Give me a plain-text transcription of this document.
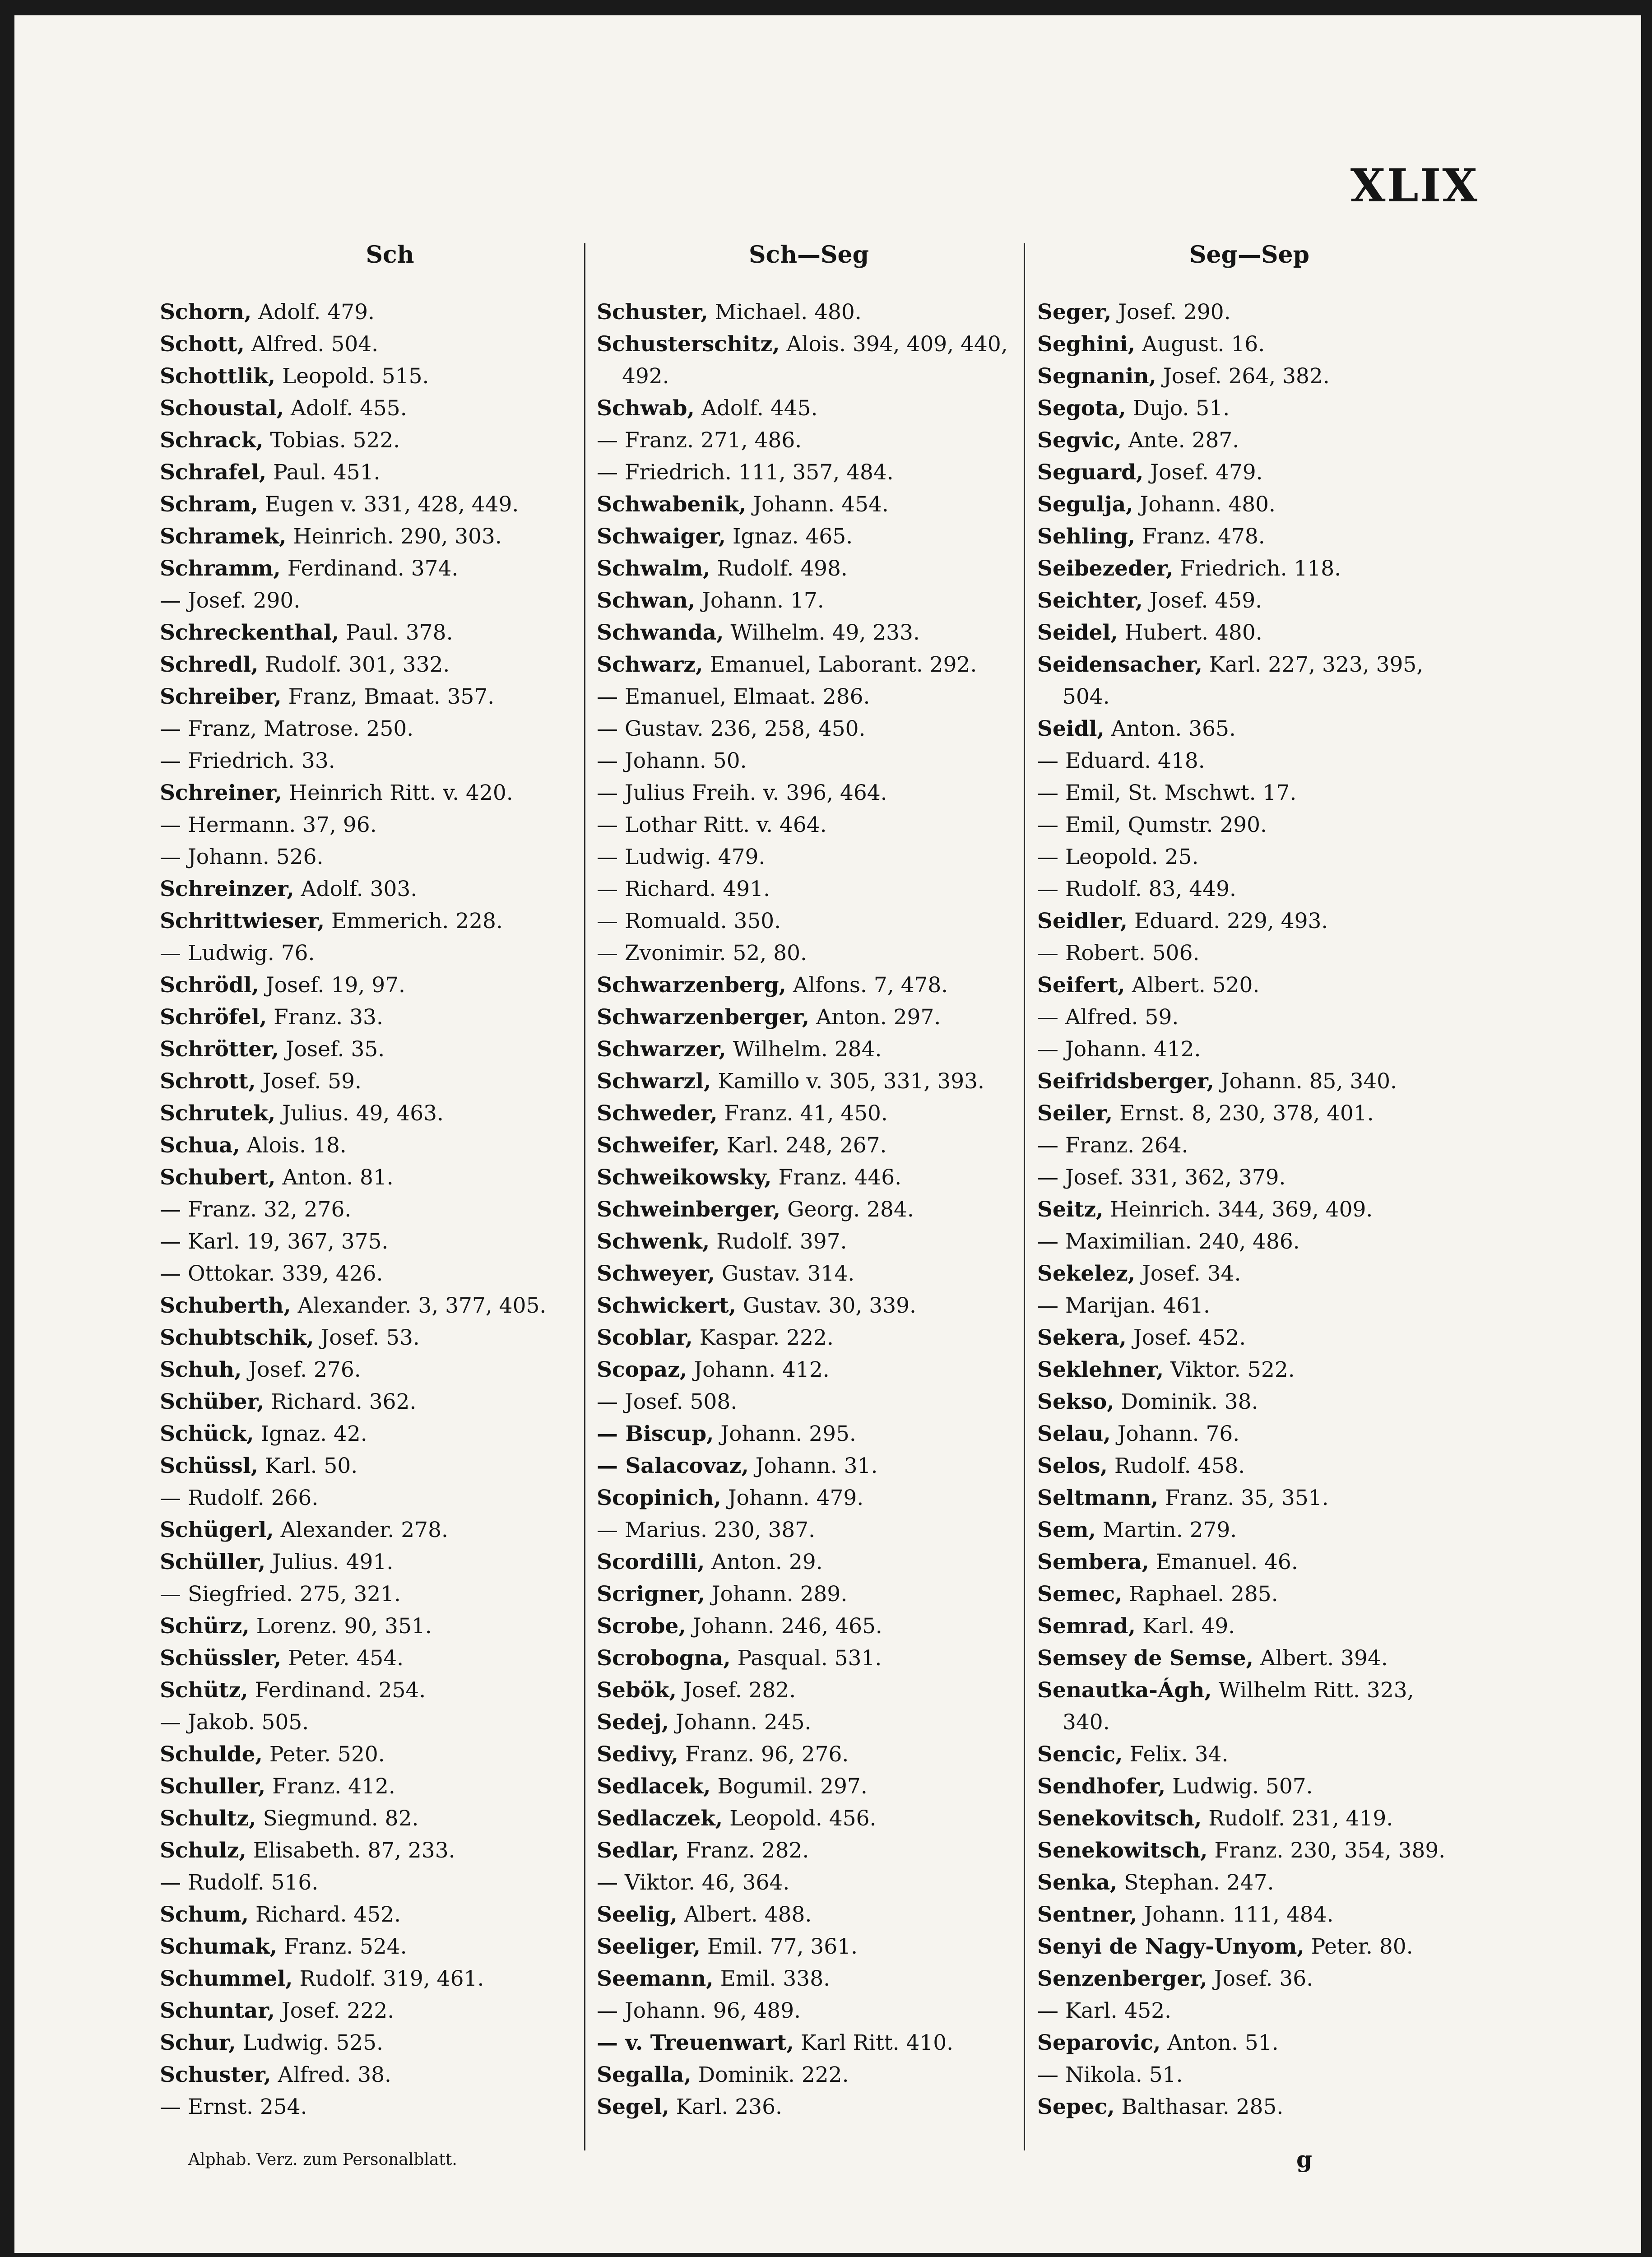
XLIX
Sch
Schorn, Adolf. 479.
Schott, Alfred. 504.
Schottlik, Leopold. 515.
Schoustal, Adolf. 455.
Schrack, Tobias. 522.
Schrafel, Paul. 451.
Schram, Eugen v. 331, 428, 449.
Schramek, Heinrich. 290, 303.
Schramm, Ferdinand. 374.
— Josef. 290.
Schreckenthal, Paul. 378.
Schredl, Rudolf. 301, 332.
Schreiber, Franz, Bmaat. 357.
— Franz, Matrose. 250.
— Friedrich. 33.
Schreiner, Heinrich Ritt. v. 420.
— Hermann. 37, 96.
— Johann. 526.
Schreinzer, Adolf. 303.
Schrittwieser, Emmerich. 228.
— Ludwig. 76.
Schrödl, Josef. 19, 97.
Schröfel, Franz. 33.
Schrötter, Josef. 35.
Schrott, Josef. 59.
Schrutek, Julius. 49, 463.
Schua, Alois. 18.
Schubert, Anton. 81.
— Franz. 32, 276.
— Karl. 19, 367, 375.
— Ottokar. 339, 426.
Schuberth, Alexander. 3, 377, 405.
Schubtschik, Josef. 53.
Schuh, Josef. 276.
Schüber, Richard. 362.
Schück, Ignaz. 42.
Schüssl, Karl. 50.
— Rudolf. 266.
Schügerl, Alexander. 278.
Schüller, Julius. 491.
— Siegfried. 275, 321.
Schürz, Lorenz. 90, 351.
Schüssler, Peter. 454.
Schütz, Ferdinand. 254.
— Jakob. 505.
Schulde, Peter. 520.
Schuller, Franz. 412.
Schultz, Siegmund. 82.
Schulz, Elisabeth. 87, 233.
— Rudolf. 516.
Schum, Richard. 452.
Schumak, Franz. 524.
Schummel, Rudolf. 319, 461.
Schuntar, Josef. 222.
Schur, Ludwig. 525.
Schuster, Alfred. 38.
— Ernst. 254.
Sch—Seg
Schuster, Michael. 480.
Schusterschitz, Alois. 394, 409, 440, 492.
Schwab, Adolf. 445.
— Franz. 271, 486.
— Friedrich. 111, 357, 484.
Schwabenik, Johann. 454.
Schwaiger, Ignaz. 465.
Schwalm, Rudolf. 498.
Schwan, Johann. 17.
Schwanda, Wilhelm. 49, 233.
Schwarz, Emanuel, Laborant. 292.
— Emanuel, Elmaat. 286.
— Gustav. 236, 258, 450.
— Johann. 50.
— Julius Freih. v. 396, 464.
— Lothar Ritt. v. 464.
— Ludwig. 479.
— Richard. 491.
— Romuald. 350.
— Zvonimir. 52, 80.
Schwarzenberg, Alfons. 7, 478.
Schwarzenberger, Anton. 297.
Schwarzer, Wilhelm. 284.
Schwarzl, Kamillo v. 305, 331, 393.
Schweder, Franz. 41, 450.
Schweifer, Karl. 248, 267.
Schweikowsky, Franz. 446.
Schweinberger, Georg. 284.
Schwenk, Rudolf. 397.
Schweyer, Gustav. 314.
Schwickert, Gustav. 30, 339.
Scoblar, Kaspar. 222.
Scopaz, Johann. 412.
— Josef. 508.
— Biscup, Johann. 295.
— Salacovaz, Johann. 31.
Scopinich, Johann. 479.
— Marius. 230, 387.
Scordilli, Anton. 29.
Scrigner, Johann. 289.
Scrobe, Johann. 246, 465.
Scrobogna, Pasqual. 531.
Sebök, Josef. 282.
Sedej, Johann. 245.
Sedivy, Franz. 96, 276.
Sedlacek, Bogumil. 297.
Sedlaczek, Leopold. 456.
Sedlar, Franz. 282.
— Viktor. 46, 364.
Seelig, Albert. 488.
Seeliger, Emil. 77, 361.
Seemann, Emil. 338.
— Johann. 96, 489.
— v. Treuenwart, Karl Ritt. 410.
Segalla, Dominik. 222.
Segel, Karl. 236.
Seg—Sep
Seger, Josef. 290.
Seghini, August. 16.
Segnanin, Josef. 264, 382.
Segota, Dujo. 51.
Segvic, Ante. 287.
Seguard, Josef. 479.
Segulja, Johann. 480.
Sehling, Franz. 478.
Seibezeder, Friedrich. 118.
Seichter, Josef. 459.
Seidel, Hubert. 480.
Seidensacher, Karl. 227, 323, 395, 504.
Seidl, Anton. 365.
— Eduard. 418.
— Emil, St. Mschwt. 17.
— Emil, Qumstr. 290.
— Leopold. 25.
— Rudolf. 83, 449.
Seidler, Eduard. 229, 493.
— Robert. 506.
Seifert, Albert. 520.
— Alfred. 59.
— Johann. 412.
Seifridsberger, Johann. 85, 340.
Seiler, Ernst. 8, 230, 378, 401.
— Franz. 264.
— Josef. 331, 362, 379.
Seitz, Heinrich. 344, 369, 409.
— Maximilian. 240, 486.
Sekelez, Josef. 34.
— Marijan. 461.
Sekera, Josef. 452.
Seklehner, Viktor. 522.
Sekso, Dominik. 38.
Selau, Johann. 76.
Selos, Rudolf. 458.
Seltmann, Franz. 35, 351.
Sem, Martin. 279.
Sembera, Emanuel. 46.
Semec, Raphael. 285.
Semrad, Karl. 49.
Semsey de Semse, Albert. 394.
Senautka-Ágh, Wilhelm Ritt. 323, 340.
Sencic, Felix. 34.
Sendhofer, Ludwig. 507.
Senekovitsch, Rudolf. 231, 419.
Senekowitsch, Franz. 230, 354, 389.
Senka, Stephan. 247.
Sentner, Johann. 111, 484.
Senyi de Nagy-Unyom, Peter. 80.
Senzenberger, Josef. 36.
— Karl. 452.
Separovic, Anton. 51.
— Nikola. 51.
Sepec, Balthasar. 285.
Alphab. Verz. zum Personalblatt.	g
